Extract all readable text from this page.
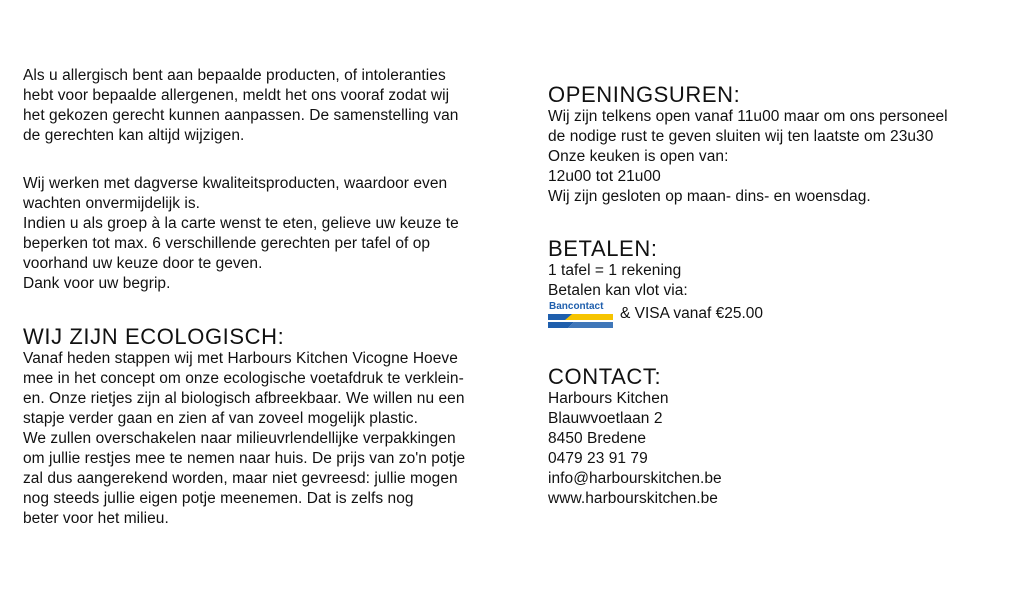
Als u allergisch bent aan bepaalde producten, of intoleranties
hebt voor bepaalde allergenen, meldt het ons vooraf zodat wij
het gekozen gerecht kunnen aanpassen. De samenstelling van
de gerechten kan altijd wijzigen.
Wij werken met dagverse kwaliteitsproducten, waardoor even
wachten onvermijdelijk is.
Indien u als groep à la carte wenst te eten, gelieve uw keuze te
beperken tot max. 6 verschillende gerechten per tafel of op
voorhand uw keuze door te geven.
Dank voor uw begrip.
WIJ ZIJN ECOLOGISCH:
Vanaf heden stappen wij met Harbours Kitchen Vicogne Hoeve
mee in het concept om onze ecologische voetafdruk te verklein-
en. Onze rietjes zijn al biologisch afbreekbaar. We willen nu een
stapje verder gaan en zien af van zoveel mogelijk plastic.
We zullen overschakelen naar milieuvrlendellijke verpakkingen
om jullie restjes mee te nemen naar huis. De prijs van zo'n potje
zal dus aangerekend worden, maar niet gevreesd: jullie mogen
nog steeds jullie eigen potje meenemen. Dat is zelfs nog
beter voor het milieu.
OPENINGSUREN:
Wij zijn telkens open vanaf 11u00 maar om ons personeel
de nodige rust te geven sluiten wij ten laatste om 23u30
Onze keuken is open van:
12u00 tot 21u00
Wij zijn gesloten op maan- dins- en woensdag.
BETALEN:
1 tafel = 1 rekening
Betalen kan vlot via:
Bancontact & VISA vanaf €25.00
CONTACT:
Harbours Kitchen
Blauwvoetlaan 2
8450 Bredene
0479 23 91 79
info@harbourskitchen.be
www.harbourskitchen.be
